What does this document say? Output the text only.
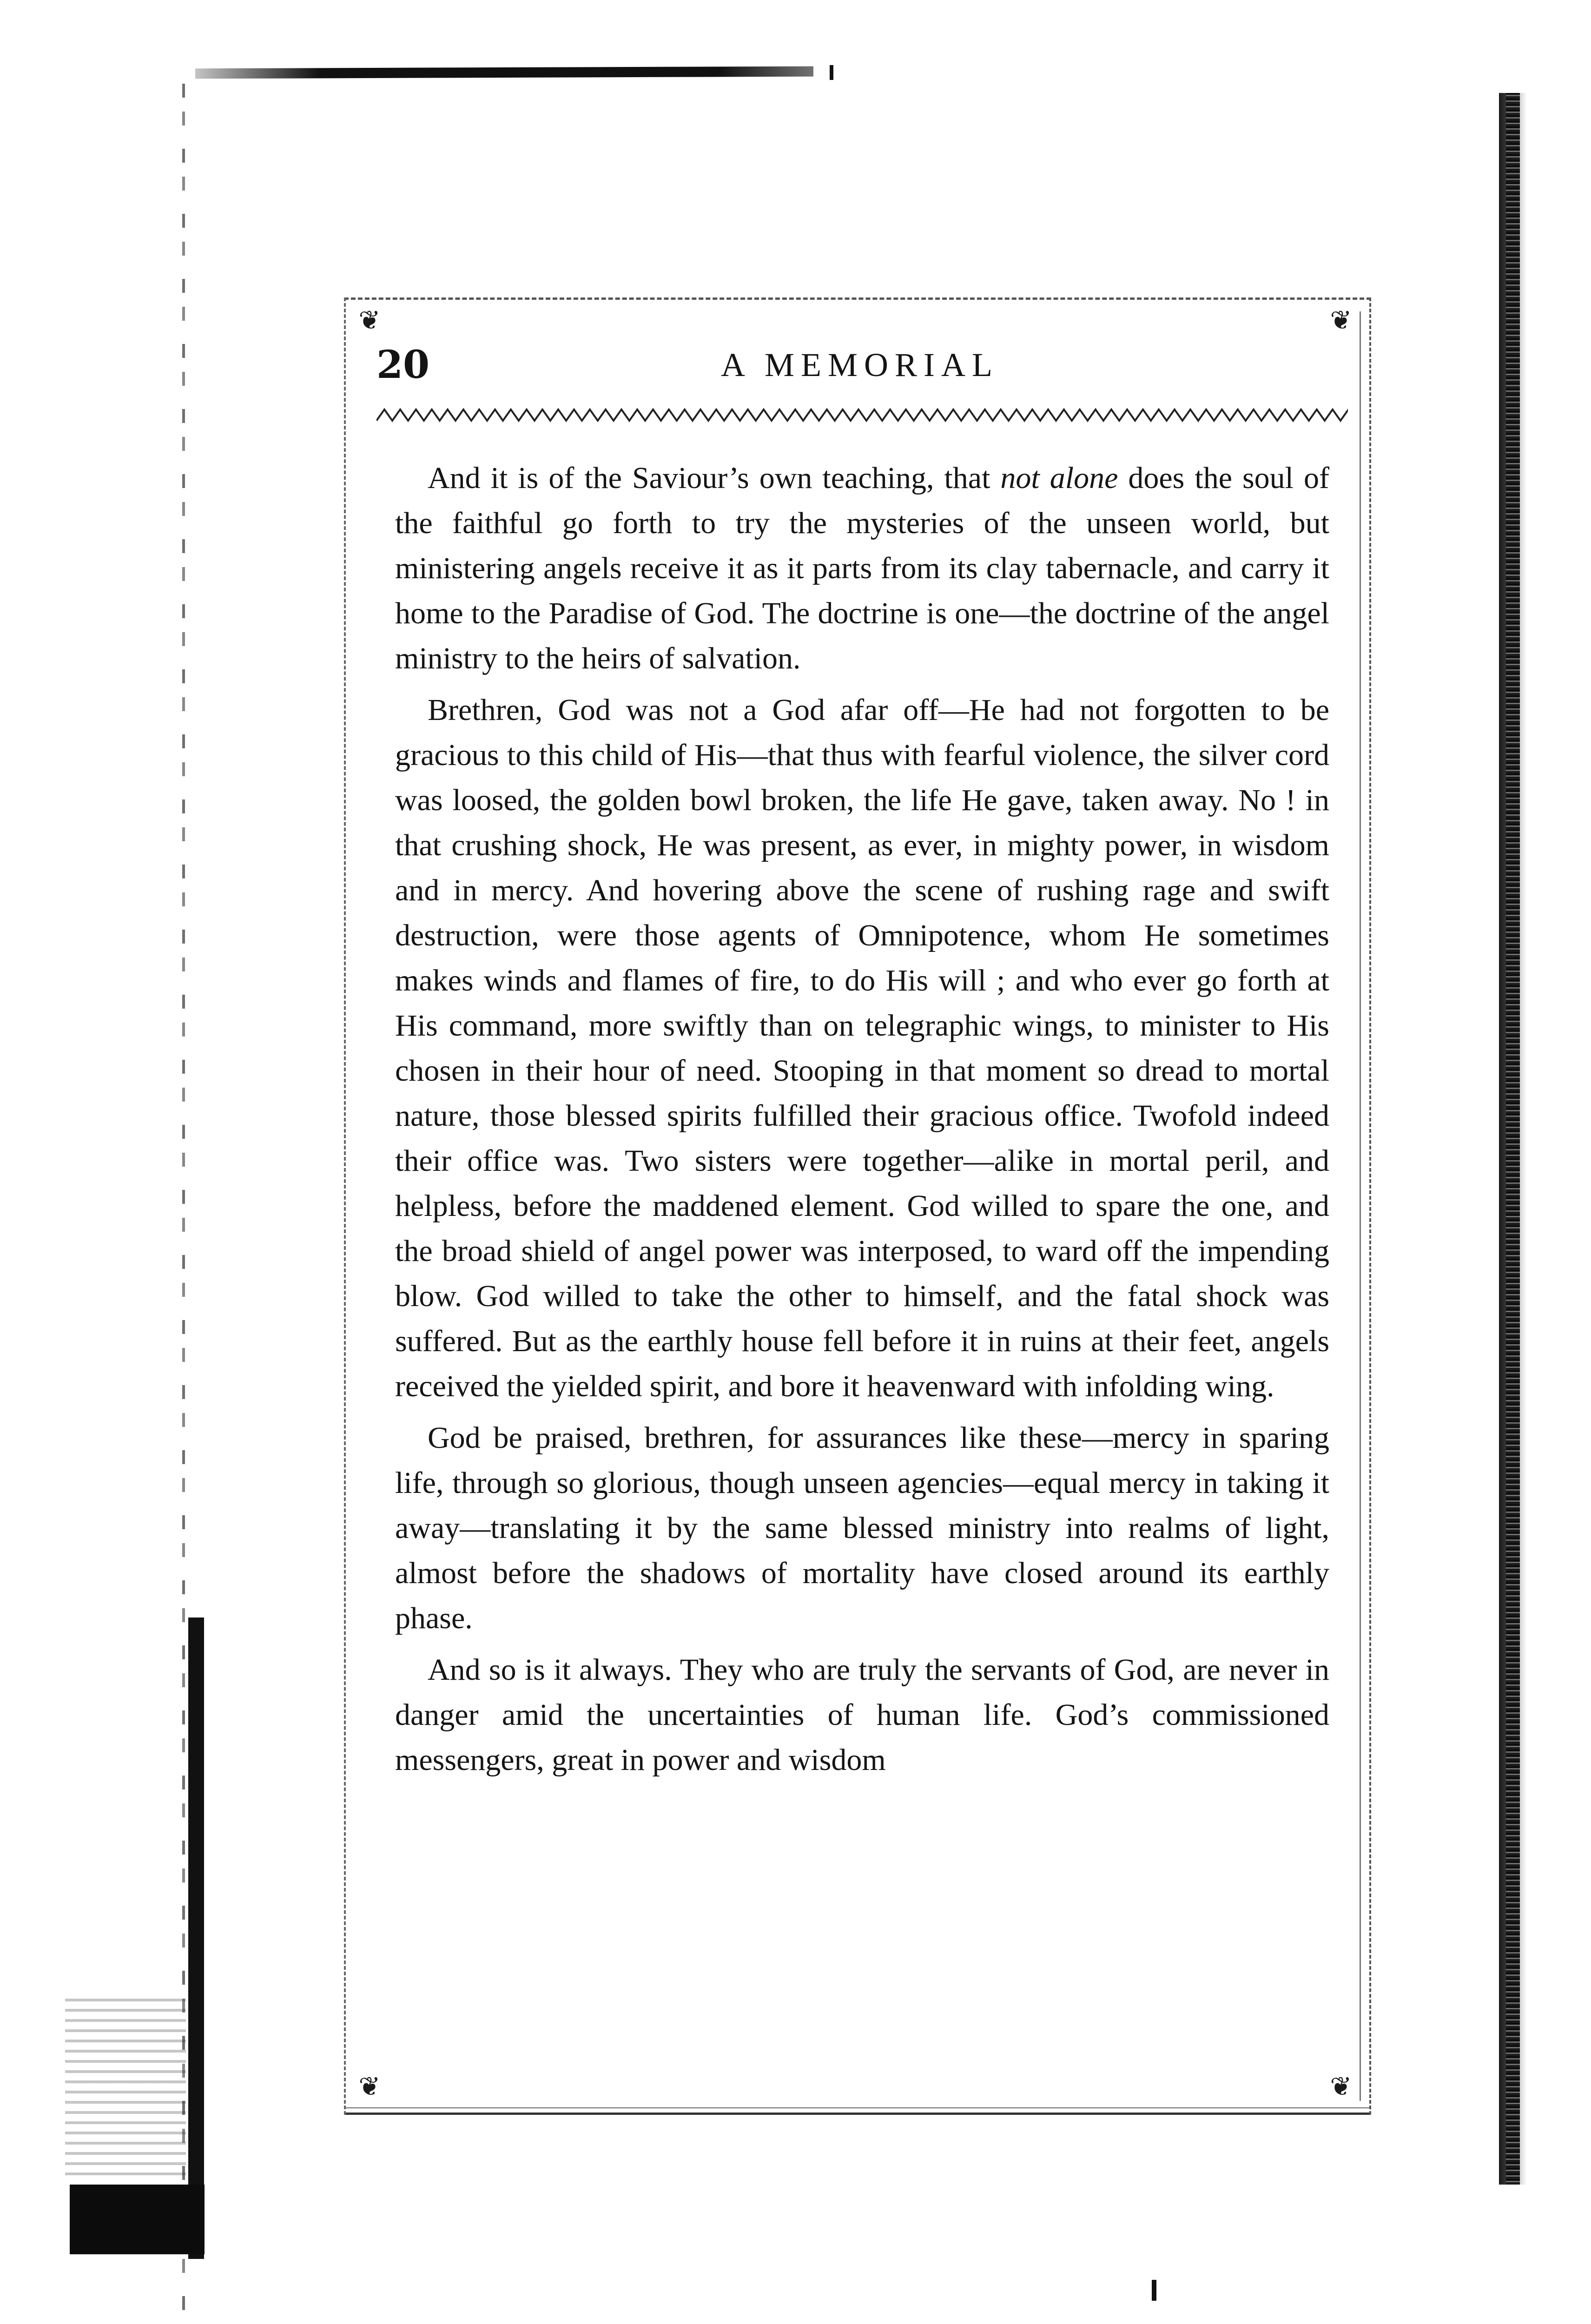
❦	❦
❦	❦
20	A MEMORIAL

And it is of the Saviour’s own teaching, that not alone does the soul of the faithful go forth to try the mysteries of the unseen world, but ministering angels receive it as it parts from its clay tabernacle, and carry it home to the Paradise of God. The doctrine is one—the doctrine of the angel ministry to the heirs of salvation.

Brethren, God was not a God afar off—He had not forgotten to be gracious to this child of His—that thus with fearful violence, the silver cord was loosed, the golden bowl broken, the life He gave, taken away. No ! in that crushing shock, He was present, as ever, in mighty power, in wisdom and in mercy. And hovering above the scene of rushing rage and swift destruction, were those agents of Omnipotence, whom He sometimes makes winds and flames of fire, to do His will ; and who ever go forth at His command, more swiftly than on telegraphic wings, to minister to His chosen in their hour of need. Stooping in that moment so dread to mortal nature, those blessed spirits fulfilled their gracious office. Twofold indeed their office was. Two sisters were together—alike in mortal peril, and helpless, before the maddened element. God willed to spare the one, and the broad shield of angel power was interposed, to ward off the impending blow. God willed to take the other to himself, and the fatal shock was suffered. But as the earthly house fell before it in ruins at their feet, angels received the yielded spirit, and bore it heavenward with infolding wing.

God be praised, brethren, for assurances like these—mercy in sparing life, through so glorious, though unseen agencies—equal mercy in taking it away—translating it by the same blessed ministry into realms of light, almost before the shadows of mortality have closed around its earthly phase.

And so is it always. They who are truly the servants of God, are never in danger amid the uncertainties of human life. God’s commissioned messengers, great in power and wisdom
